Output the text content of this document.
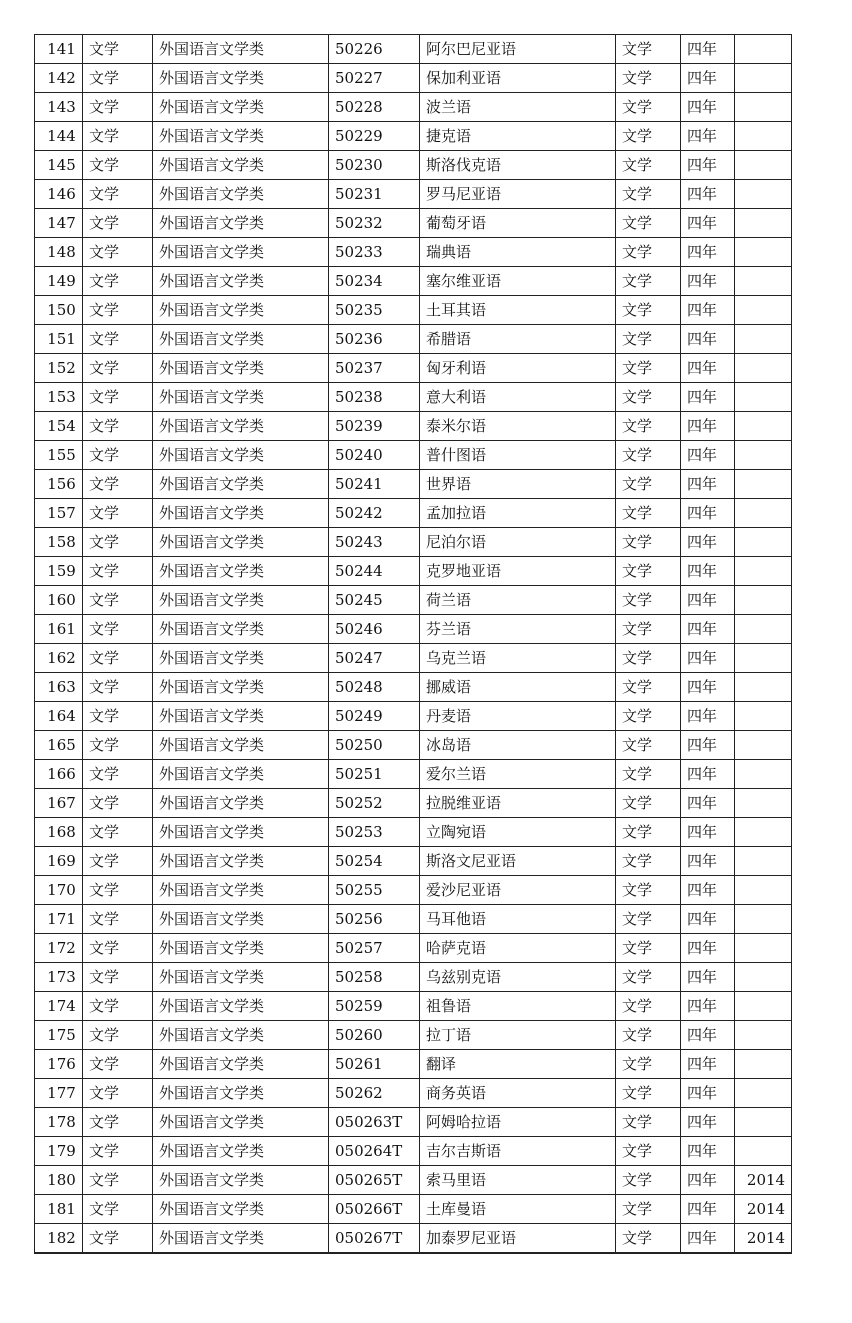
141	文学	外国语言文学类	50226	阿尔巴尼亚语	文学	四年	
142	文学	外国语言文学类	50227	保加利亚语	文学	四年	
143	文学	外国语言文学类	50228	波兰语	文学	四年	
144	文学	外国语言文学类	50229	捷克语	文学	四年	
145	文学	外国语言文学类	50230	斯洛伐克语	文学	四年	
146	文学	外国语言文学类	50231	罗马尼亚语	文学	四年	
147	文学	外国语言文学类	50232	葡萄牙语	文学	四年	
148	文学	外国语言文学类	50233	瑞典语	文学	四年	
149	文学	外国语言文学类	50234	塞尔维亚语	文学	四年	
150	文学	外国语言文学类	50235	土耳其语	文学	四年	
151	文学	外国语言文学类	50236	希腊语	文学	四年	
152	文学	外国语言文学类	50237	匈牙利语	文学	四年	
153	文学	外国语言文学类	50238	意大利语	文学	四年	
154	文学	外国语言文学类	50239	泰米尔语	文学	四年	
155	文学	外国语言文学类	50240	普什图语	文学	四年	
156	文学	外国语言文学类	50241	世界语	文学	四年	
157	文学	外国语言文学类	50242	孟加拉语	文学	四年	
158	文学	外国语言文学类	50243	尼泊尔语	文学	四年	
159	文学	外国语言文学类	50244	克罗地亚语	文学	四年	
160	文学	外国语言文学类	50245	荷兰语	文学	四年	
161	文学	外国语言文学类	50246	芬兰语	文学	四年	
162	文学	外国语言文学类	50247	乌克兰语	文学	四年	
163	文学	外国语言文学类	50248	挪威语	文学	四年	
164	文学	外国语言文学类	50249	丹麦语	文学	四年	
165	文学	外国语言文学类	50250	冰岛语	文学	四年	
166	文学	外国语言文学类	50251	爱尔兰语	文学	四年	
167	文学	外国语言文学类	50252	拉脱维亚语	文学	四年	
168	文学	外国语言文学类	50253	立陶宛语	文学	四年	
169	文学	外国语言文学类	50254	斯洛文尼亚语	文学	四年	
170	文学	外国语言文学类	50255	爱沙尼亚语	文学	四年	
171	文学	外国语言文学类	50256	马耳他语	文学	四年	
172	文学	外国语言文学类	50257	哈萨克语	文学	四年	
173	文学	外国语言文学类	50258	乌兹别克语	文学	四年	
174	文学	外国语言文学类	50259	祖鲁语	文学	四年	
175	文学	外国语言文学类	50260	拉丁语	文学	四年	
176	文学	外国语言文学类	50261	翻译	文学	四年	
177	文学	外国语言文学类	50262	商务英语	文学	四年	
178	文学	外国语言文学类	050263T	阿姆哈拉语	文学	四年	
179	文学	外国语言文学类	050264T	吉尔吉斯语	文学	四年	
180	文学	外国语言文学类	050265T	索马里语	文学	四年	2014
181	文学	外国语言文学类	050266T	土库曼语	文学	四年	2014
182	文学	外国语言文学类	050267T	加泰罗尼亚语	文学	四年	2014
